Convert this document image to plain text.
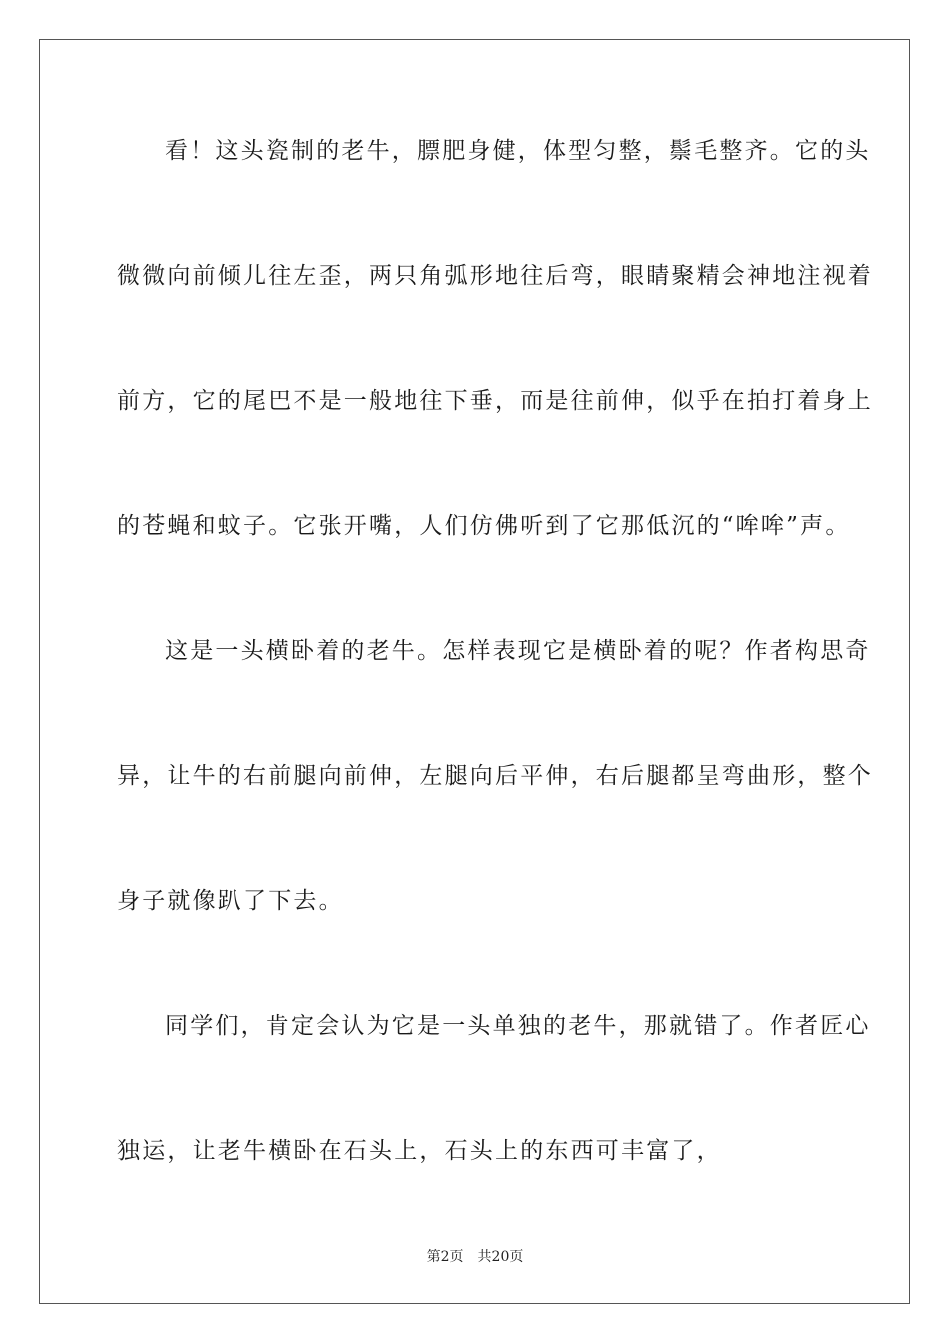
看！这头瓷制的老牛，膘肥身健，体型匀整，鬃毛整齐。它的头
微微向前倾儿往左歪，两只角弧形地往后弯，眼睛聚精会神地注视着
前方，它的尾巴不是一般地往下垂，而是往前伸，似乎在拍打着身上
的苍蝇和蚊子。它张开嘴，人们仿佛听到了它那低沉的“哞哞”声。
这是一头横卧着的老牛。怎样表现它是横卧着的呢？作者构思奇
异，让牛的右前腿向前伸，左腿向后平伸，右后腿都呈弯曲形，整个
身子就像趴了下去。
同学们，肯定会认为它是一头单独的老牛，那就错了。作者匠心
独运，让老牛横卧在石头上，石头上的东西可丰富了，
第2页 共20页
